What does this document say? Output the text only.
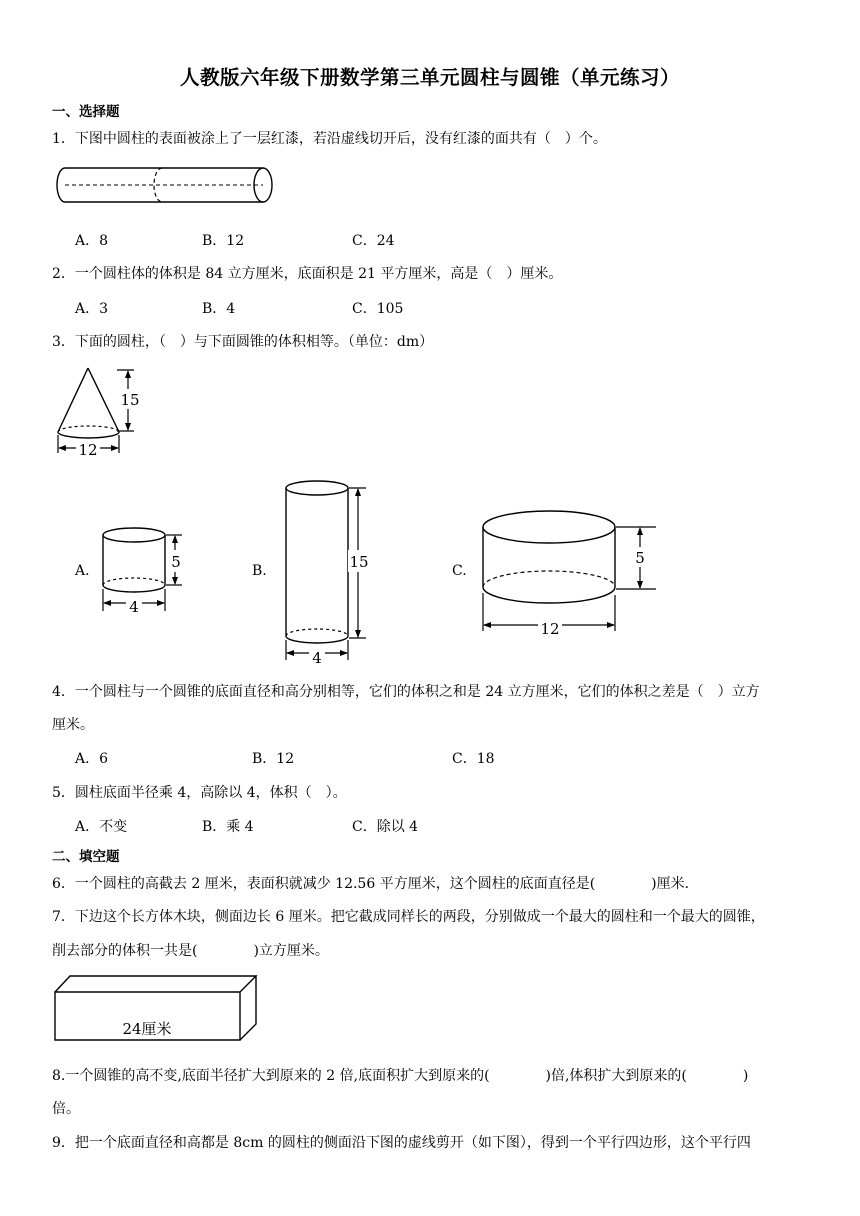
人教版六年级下册数学第三单元圆柱与圆锥（单元练习）
一、选择题
1．下图中圆柱的表面被涂上了一层红漆，若沿虚线切开后，没有红漆的面共有（　）个。
A．8	B．12	C．24
2．一个圆柱体的体积是 84 立方厘米，底面积是 21 平方厘米，高是（　）厘米。
A．3	B．4	C．105
3．下面的圆柱，（　）与下面圆锥的体积相等。（单位：dm）
15
12
A.	5
4
B.	15
4
C.
5
12
4．一个圆柱与一个圆锥的底面直径和高分别相等，它们的体积之和是 24 立方厘米，它们的体积之差是（　）立方
厘米。
A．6	B．12	C．18
5．圆柱底面半径乘 4，高除以 4，体积（　）。
A．不变	B．乘 4	C．除以 4
二、填空题
6．一个圆柱的高截去 2 厘米，表面积就减少 12.56 平方厘米，这个圆柱的底面直径是(　　　　)厘米．
7．下边这个长方体木块，侧面边长 6 厘米。把它截成同样长的两段，分别做成一个最大的圆柱和一个最大的圆锥，
削去部分的体积一共是(　　　　)立方厘米。
24厘米
8.一个圆锥的高不变,底面半径扩大到原来的 2 倍,底面积扩大到原来的(　　　　)倍,体积扩大到原来的(　　　　)
倍。
9．把一个底面直径和高都是 8cm 的圆柱的侧面沿下图的虚线剪开（如下图），得到一个平行四边形，这个平行四
